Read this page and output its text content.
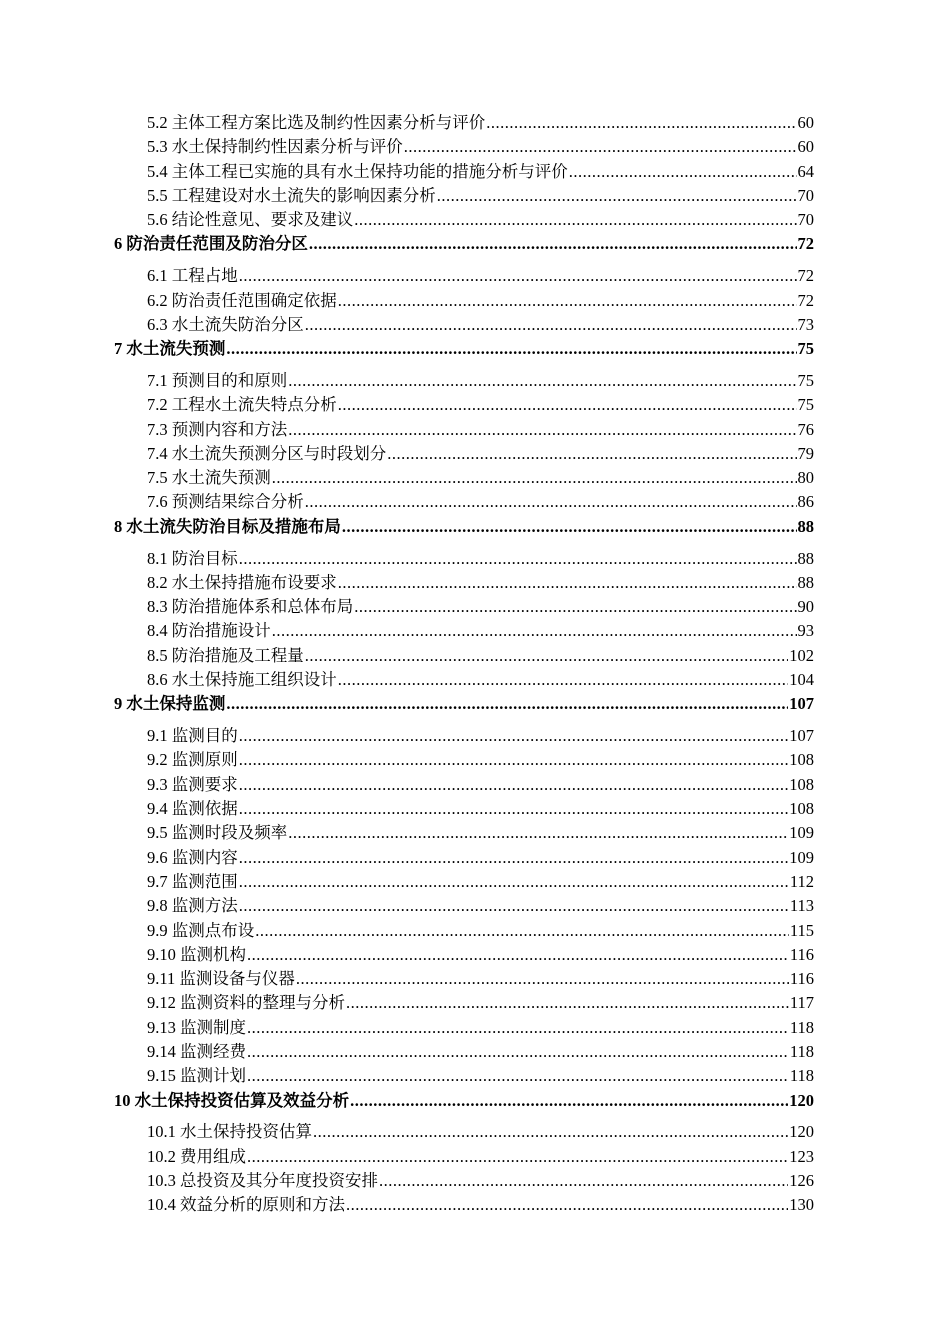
5.2 主体工程方案比选及制约性因素分析与评价 .....	60
5.3 水土保持制约性因素分析与评价 .....	60
5.4 主体工程已实施的具有水土保持功能的措施分析与评价 .....	64
5.5 工程建设对水土流失的影响因素分析 .....	70
5.6 结论性意见、要求及建议 .....	70
6 防治责任范围及防治分区 .....	72
6.1 工程占地 .....	72
6.2 防治责任范围确定依据 .....	72
6.3 水土流失防治分区 .....	73
7 水土流失预测 .....	75
7.1 预测目的和原则 .....	75
7.2 工程水土流失特点分析 .....	75
7.3 预测内容和方法 .....	76
7.4 水土流失预测分区与时段划分 .....	79
7.5 水土流失预测 .....	80
7.6 预测结果综合分析 .....	86
8 水土流失防治目标及措施布局 .....	88
8.1 防治目标 .....	88
8.2 水土保持措施布设要求 .....	88
8.3 防治措施体系和总体布局 .....	90
8.4 防治措施设计 .....	93
8.5 防治措施及工程量 .....	102
8.6 水土保持施工组织设计 .....	104
9 水土保持监测 .....	107
9.1 监测目的 .....	107
9.2 监测原则 .....	108
9.3 监测要求 .....	108
9.4 监测依据 .....	108
9.5 监测时段及频率 .....	109
9.6 监测内容 .....	109
9.7 监测范围 .....	112
9.8 监测方法 .....	113
9.9 监测点布设 .....	115
9.10 监测机构 .....	116
9.11 监测设备与仪器 .....	116
9.12 监测资料的整理与分析 .....	117
9.13 监测制度 .....	118
9.14 监测经费 .....	118
9.15 监测计划 .....	118
10 水土保持投资估算及效益分析 .....	120
10.1 水土保持投资估算 .....	120
10.2 费用组成 .....	123
10.3 总投资及其分年度投资安排 .....	126
10.4 效益分析的原则和方法 .....	130
